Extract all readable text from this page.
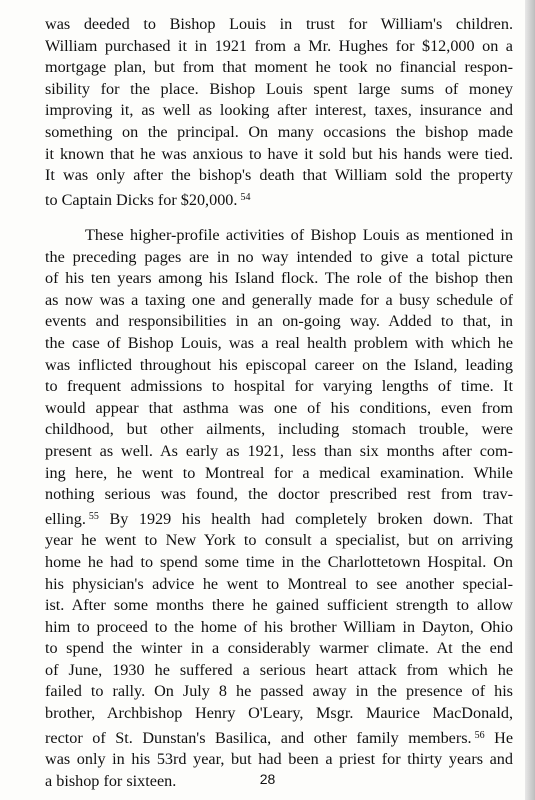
was deeded to Bishop Louis in trust for William's children.
William purchased it in 1921 from a Mr. Hughes for $12,000 on a
mortgage plan, but from that moment he took no financial respon-
sibility for the place. Bishop Louis spent large sums of money
improving it, as well as looking after interest, taxes, insurance and
something on the principal. On many occasions the bishop made
it known that he was anxious to have it sold but his hands were tied.
It was only after the bishop's death that William sold the property
to Captain Dicks for $20,000. $^{54}$
These higher-profile activities of Bishop Louis as mentioned in
the preceding pages are in no way intended to give a total picture
of his ten years among his Island flock. The role of the bishop then
as now was a taxing one and generally made for a busy schedule of
events and responsibilities in an on-going way. Added to that, in
the case of Bishop Louis, was a real health problem with which he
was inflicted throughout his episcopal career on the Island, leading
to frequent admissions to hospital for varying lengths of time. It
would appear that asthma was one of his conditions, even from
childhood, but other ailments, including stomach trouble, were
present as well. As early as 1921, less than six months after com-
ing here, he went to Montreal for a medical examination. While
nothing serious was found, the doctor prescribed rest from trav-
elling. $^{55}$ By 1929 his health had completely broken down. That
year he went to New York to consult a specialist, but on arriving
home he had to spend some time in the Charlottetown Hospital. On
his physician's advice he went to Montreal to see another special-
ist. After some months there he gained sufficient strength to allow
him to proceed to the home of his brother William in Dayton, Ohio
to spend the winter in a considerably warmer climate. At the end
of June, 1930 he suffered a serious heart attack from which he
failed to rally. On July 8 he passed away in the presence of his
brother, Archbishop Henry O'Leary, Msgr. Maurice MacDonald,
rector of St. Dunstan's Basilica, and other family members. $^{56}$ He
was only in his 53rd year, but had been a priest for thirty years and
a bishop for sixteen.	28
